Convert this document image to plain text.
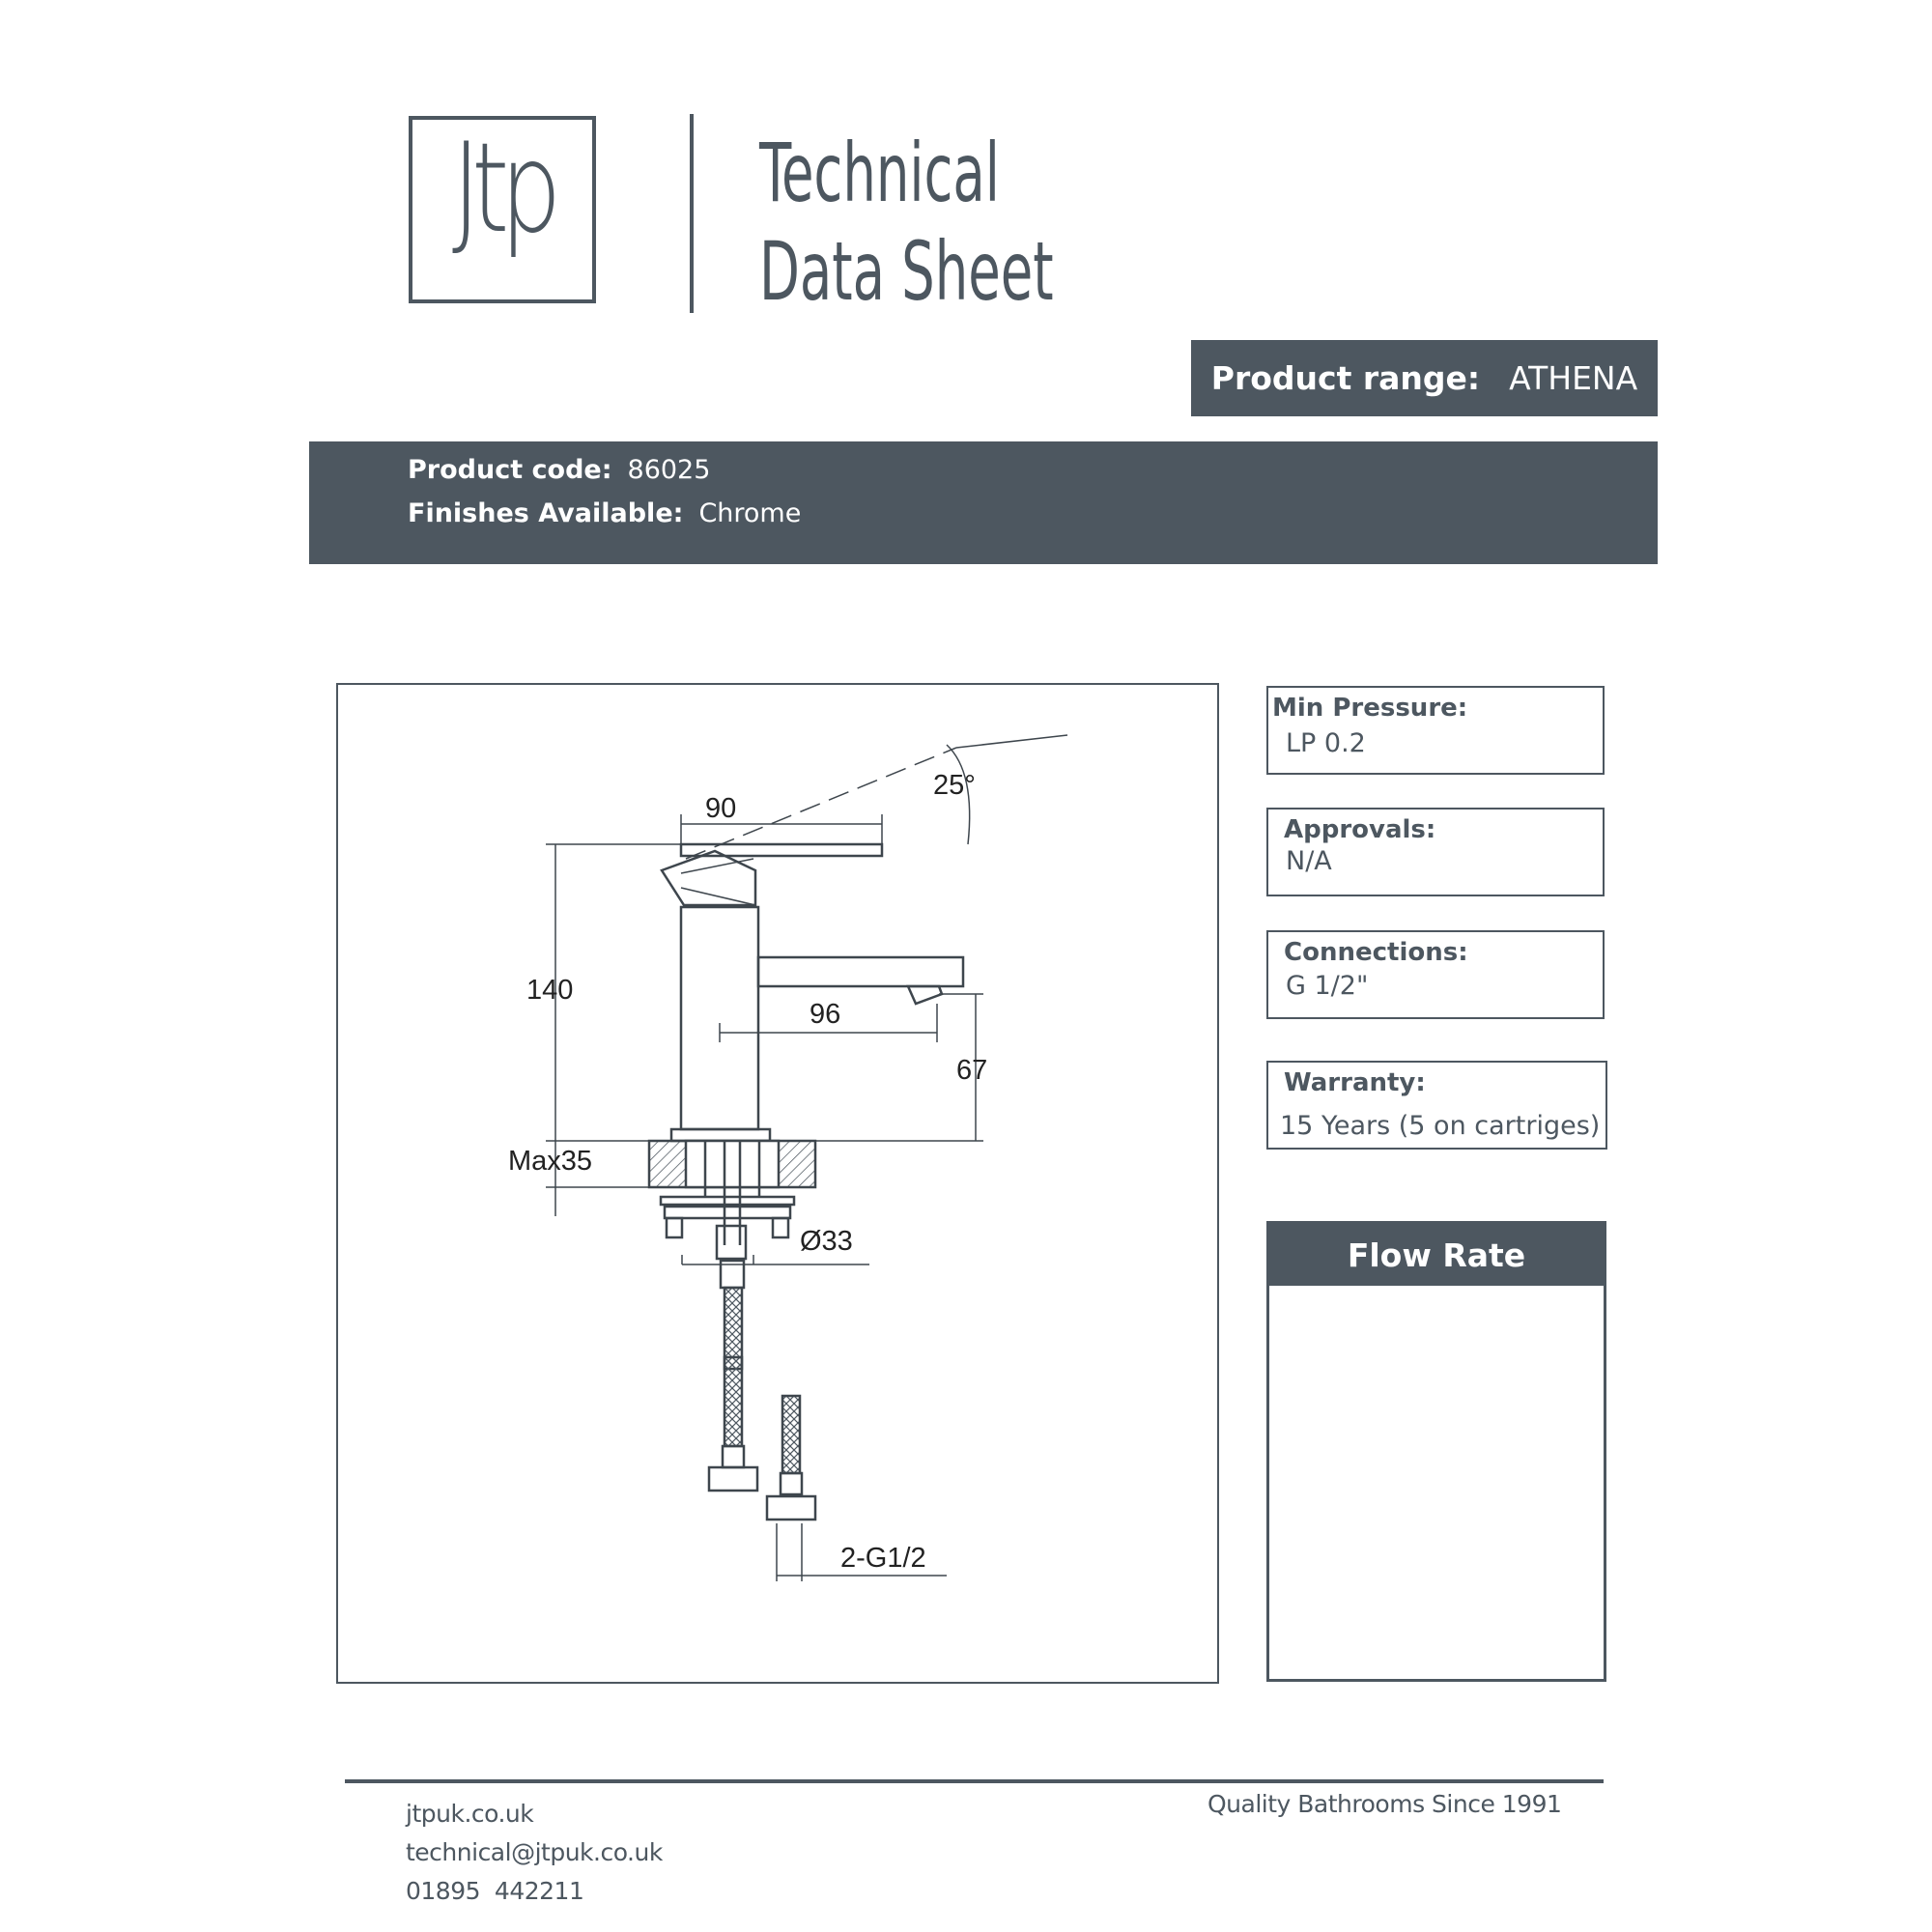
Jtp	Technical
Data Sheet
Product range: ATHENA
Product code: 86025
Finishes Available: Chrome
90
25°
140
96
67
Max35
Ø33
2-G1/2
Min Pressure:
LP 0.2
Approvals:
N/A
Connections:
G 1/2"
Warranty:
15 Years (5 on cartriges)
Flow Rate
jtpuk.co.uk
technical@jtpuk.co.uk
01895  442211
Quality Bathrooms Since 1991
